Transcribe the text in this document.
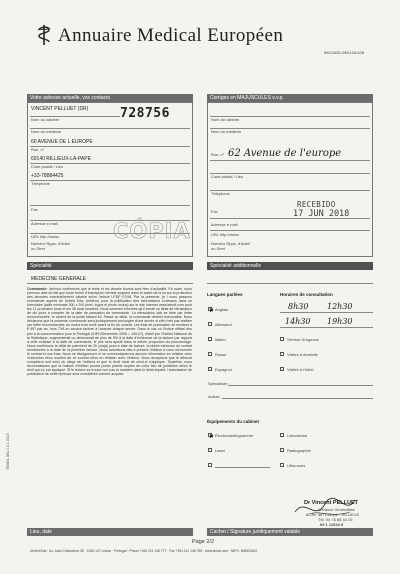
Annuaire Medical Européen
5002/625-095/100/108
Votre adresse actuelle, vos contacts
VINCENT PELLUET (DR) 728756
Nom du cabinet
Nom du médecin
60 AVENUE DE L EUROPE
Rue, n°
69140 RILLIEUX-LA-PAPE
Code postal / Lieu
+33-78884425
Téléphone
Fax
Adresse e-mail
URL http://www.
Numéro Rpps, d'Adeli ou Siret
CÓPIA
Corrigez en MAJUSCULES s.v.p.
Nom du cabinet
Nom du médecin
62 Avenue de l'europe
Rue, n°
Code postal / Lieu
Téléphone
RECEBIDO
17 JUN 2018
Fax
Adresse e-mail
URL http://www.
Numéro Rpps, d'Adeli ou Siret
Spécialité
MEDECINE GENERALE
Spécialité additionnelle
Commande: Je/nous confirmons que le texte et les visuels fournis sont bien d'actualité. En outre, nous prenons acte du fait que toute forme d'inscription n'existe toujours dans le cadre de la loi sur la protection des données éventuellement valable selon l'article LPDP 07/98. Par la présente, je / nous passons commande auprès de United Eda. (éditeur) pour la publication des informations ci-dessus dans ce formulaire (taille minimale 300 x 200 pixel, logos et photo inclus) sur le site Internet www.temdl.com pour les 12 prochains mois et les 36 mois suivants. Nous sommes informés qu'il existe un délai de rétractation de dix jours à compter de la date de passation de commande. La rétractation doit se faire par lettre recommandée, le cachet de la poste faisant foi. Passé ce délai, la commande devient irrévocable. Nous déclarons que la présente commande sera juridiquement prolongée d'une année si elle n'est pas résiliée par lettre recommandée au moins trois mois avant la fin du contrat. Les frais de publication se montent à € 997 par an, hors TVA en service facturé à l'avance chaque année. Dans le cas où l'Indice officiel des prix à la consommation pour le Portugal (IHPC/Décembre 2006 = 100,07), établi par l'Institut National de la Statistique, augmenterait ou diminuerait de plus de 5% à la date d'échéance de la facture par rapport à celle existant à la date de commande, le prix sera ajusté dans la même proportion du pourcentage. Nous confirmons le délai de paiement de 20 (vingt) jours à date de facture, la durée minimum du contrat mentionnée à la date de la première facture. Nous autorisons dès à présent l'éditeur à nous renouveler le contrat et nos frais. Nous ne divulguerons ni ne communiquerons aucune information en relation avec l'exécution et/ou soutien de ce contrat et/ou en relation avec l'éditeur. Nous acceptons que le tribunal compétent soit celui du siège de l'éditeur et que le droit local de celui-ci s'applique. Toutefois, nous reconnaissons que la maison d'édition pourra porter plainte auprès de notre lieu de juridiction selon le droit qui s'y est appliqué. Si le lecteur se trouve non pas la manière dans le délai imparti, l'autorisation de publication de cette épreuve sera considérée comme acquise.
Langues parlées
Anglais
Allemand
Italien
Russe
Espagnol
Spécialiste :
Autres
Horaires de consultation
8h30 12h30
14h30 19h30
Service d'urgence
Visites à domicile
Visites à l'hôtel
Équipements du cabinet
Électrocardiogramme	Laboratoire
Laser	Radiographie
Ultra-sons
Dr Vincent PELLUET
Médecin Généraliste
60 Av. de l'Europe - RILLIEUX
Tél. 04 78 88 44 25
69 1 11044 9
Lieu, date	Cachet / Signature juridiquement valable
Page 2/2
United Eda · Av. João Crisóstomo 38 · 1050-127 Lisbon · Portugal · Phone +351 211 148 777 · Fax +351 211 148 758 · www.temdl.com · NIPC: 508829402
TEMDL 0ELI 10-1 0316
